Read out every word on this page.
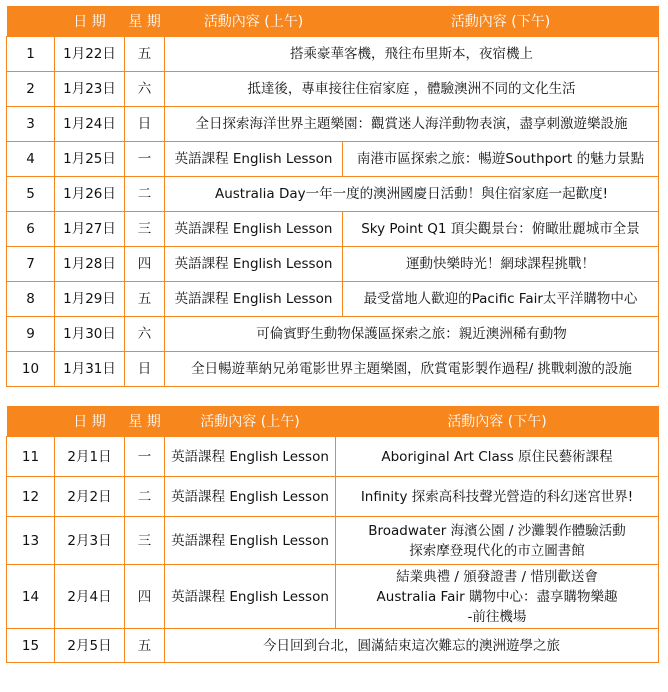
	日 期	星 期	活動內容 (上午)	活動內容 (下午)
1	1月22日	五	搭乘豪華客機，飛往布里斯本，夜宿機上	
2	1月23日	六	抵達後，專車接往住宿家庭 ，體驗澳洲不同的文化生活	
3	1月24日	日	全日探索海洋世界主題樂園：觀賞迷人海洋動物表演，盡享刺激遊樂設施	
4	1月25日	一	英語課程 English Lesson	南港市區探索之旅：暢遊Southport 的魅力景點
5	1月26日	二	Australia Day一年一度的澳洲國慶日活動！與住宿家庭一起歡度!	
6	1月27日	三	英語課程 English Lesson	Sky Point Q1 頂尖觀景台：俯瞰壯麗城市全景
7	1月28日	四	英語課程 English Lesson	運動快樂時光！網球課程挑戰！
8	1月29日	五	英語課程 English Lesson	最受當地人歡迎的Pacific Fair太平洋購物中心
9	1月30日	六	可倫賓野生動物保護區探索之旅：親近澳洲稀有動物	
10	1月31日	日	全日暢遊華納兄弟電影世界主題樂園，欣賞電影製作過程/ 挑戰刺激的設施	
	日 期	星 期	活動內容 (上午)	活動內容 (下午)
11	2月1日	一	英語課程 English Lesson	Aboriginal Art Class 原住民藝術課程
12	2月2日	二	英語課程 English Lesson	Infinity 探索高科技聲光營造的科幻迷宮世界!
13	2月3日	三	英語課程 English Lesson	Broadwater 海濱公園 / 沙灘製作體驗活動
探索摩登現代化的市立圖書館

14	2月4日	四	英語課程 English Lesson	結業典禮 / 頒發證書 / 惜別歡送會
Australia Fair 購物中心：盡享購物樂趣
-前往機場

15	2月5日	五	今日回到台北，圓滿結束這次難忘的澳洲遊學之旅	
